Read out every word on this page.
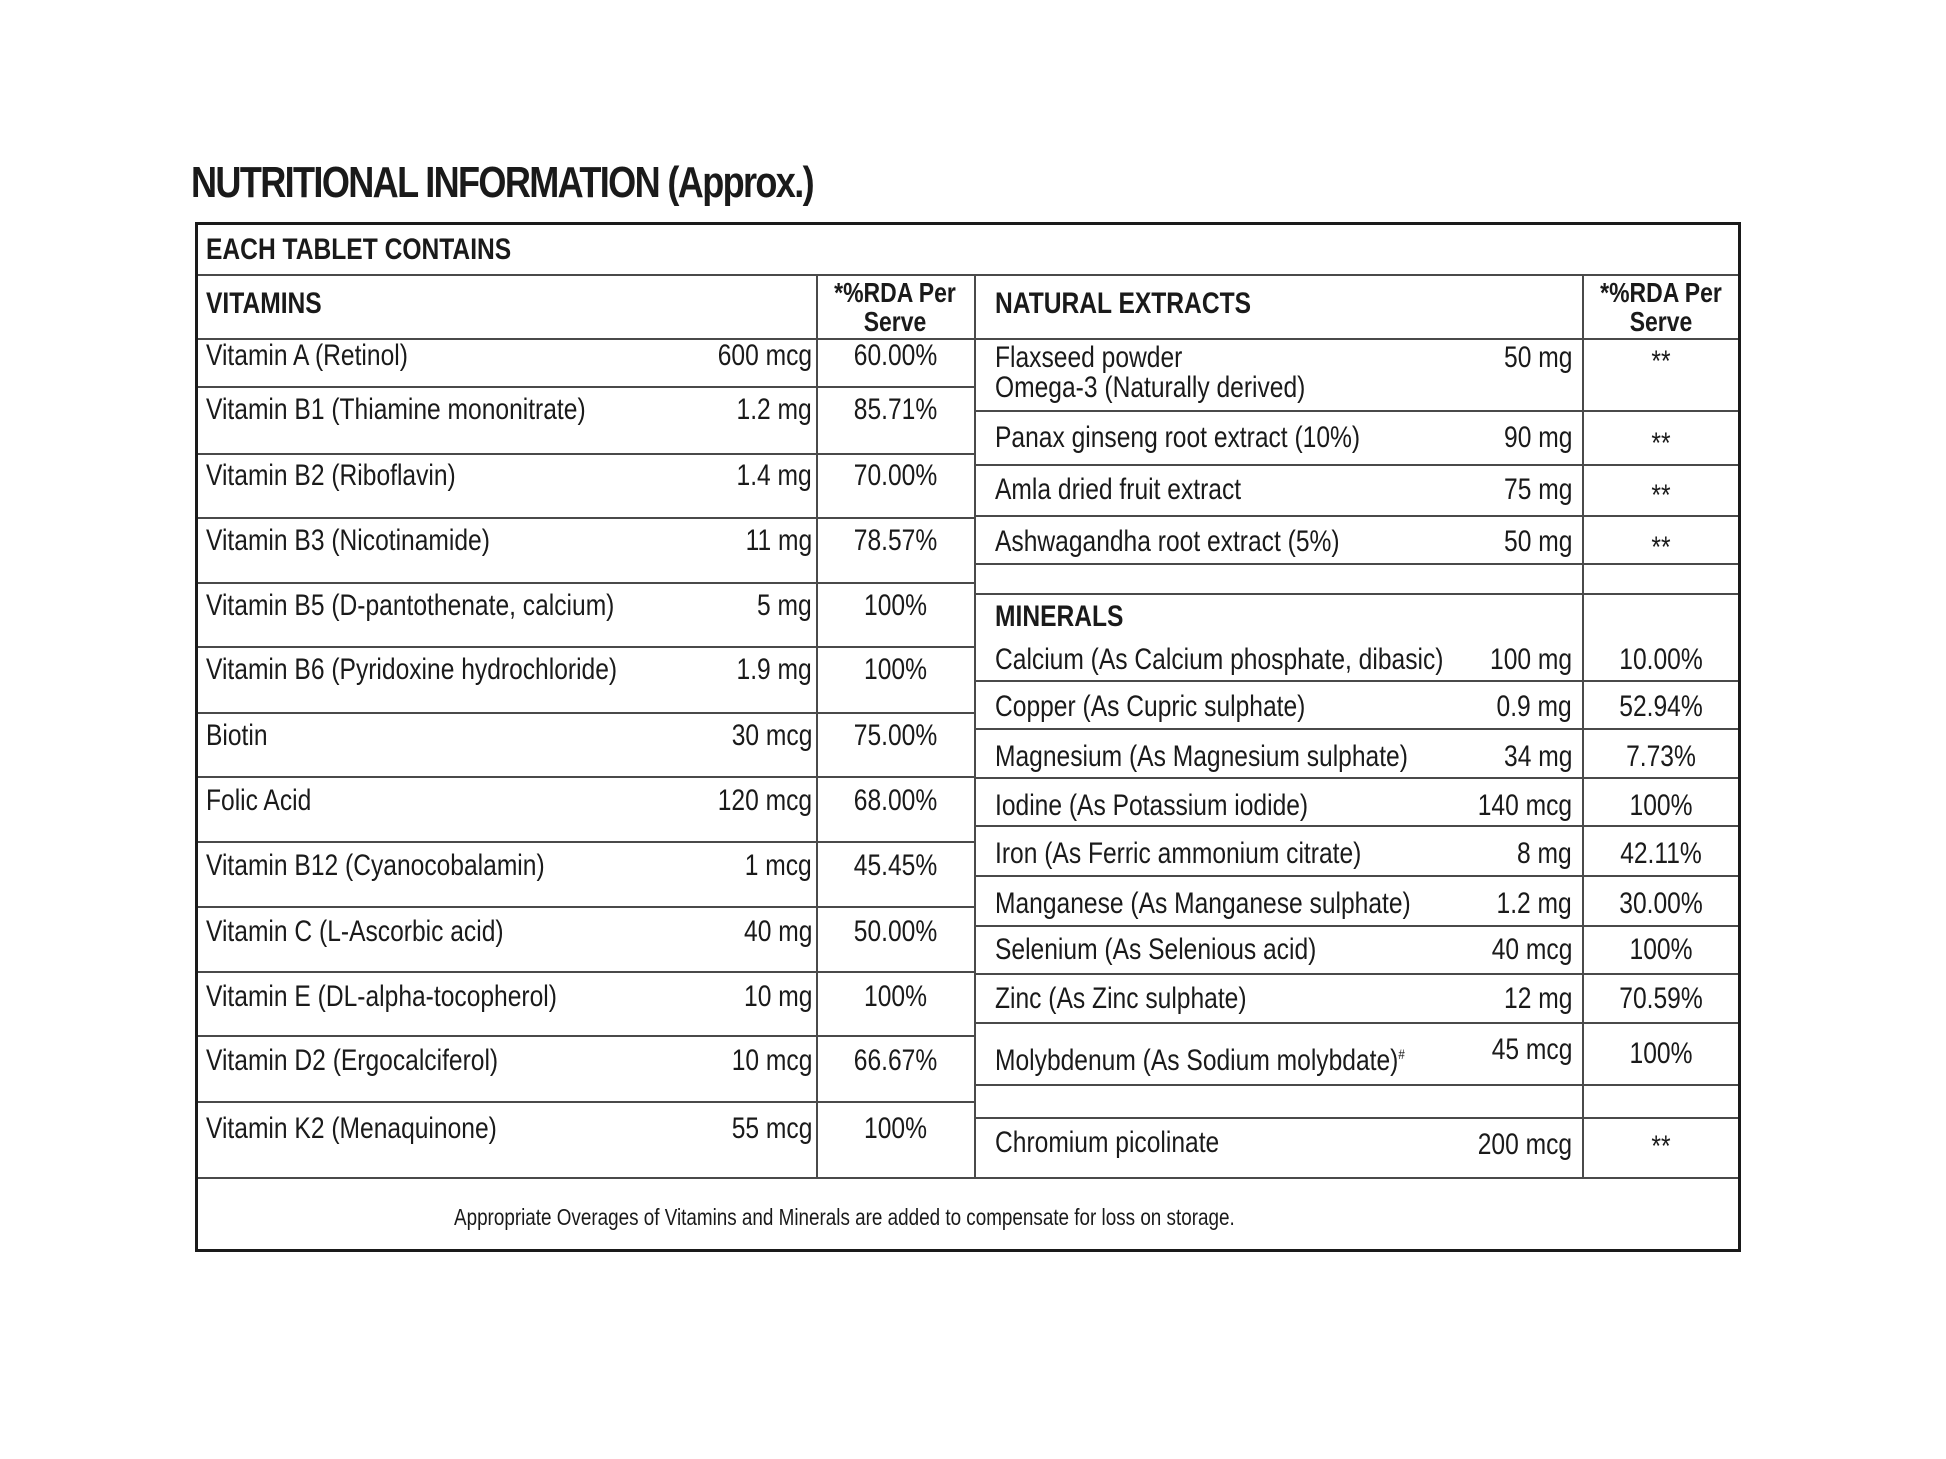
NUTRITIONAL INFORMATION (Approx.)
EACH TABLET CONTAINS
VITAMINS	*%RDA Per
Serve
NATURAL EXTRACTS	*%RDA Per
Serve
MINERALS
Vitamin A (Retinol)	600 mcg	60.00%
Vitamin B1 (Thiamine mononitrate)	1.2 mg	85.71%
Vitamin B2 (Riboflavin)	1.4 mg	70.00%
Vitamin B3 (Nicotinamide)	11 mg	78.57%
Vitamin B5 (D-pantothenate, calcium)	5 mg	100%
Vitamin B6 (Pyridoxine hydrochloride)	1.9 mg	100%
Biotin	30 mcg	75.00%
Folic Acid	120 mcg	68.00%
Vitamin B12 (Cyanocobalamin)	1 mcg	45.45%
Vitamin C (L-Ascorbic acid)	40 mg	50.00%
Vitamin E (DL-alpha-tocopherol)	10 mg	100%
Vitamin D2 (Ergocalciferol)	10 mcg	66.67%
Vitamin K2 (Menaquinone)	55 mcg	100%
Flaxseed powder
Omega-3 (Naturally derived)
50 mg	**
Panax ginseng root extract (10%)	90 mg	**
Amla dried fruit extract	75 mg	**
Ashwagandha root extract (5%)	50 mg	**
Calcium (As Calcium phosphate, dibasic) 100 mg	10.00%
Copper (As Cupric sulphate)	0.9 mg	52.94%
Magnesium (As Magnesium sulphate)	34 mg	7.73%
Iodine (As Potassium iodide)	140 mcg	100%
Iron (As Ferric ammonium citrate)	8 mg	42.11%
Manganese (As Manganese sulphate)	1.2 mg	30.00%
Selenium (As Selenious acid)	40 mcg	100%
Zinc (As Zinc sulphate)	12 mg	70.59%
Molybdenum (As Sodium molybdate)#	45 mcg	100%
Chromium picolinate	200 mcg	**
Appropriate Overages of Vitamins and Minerals are added to compensate for loss on storage.
